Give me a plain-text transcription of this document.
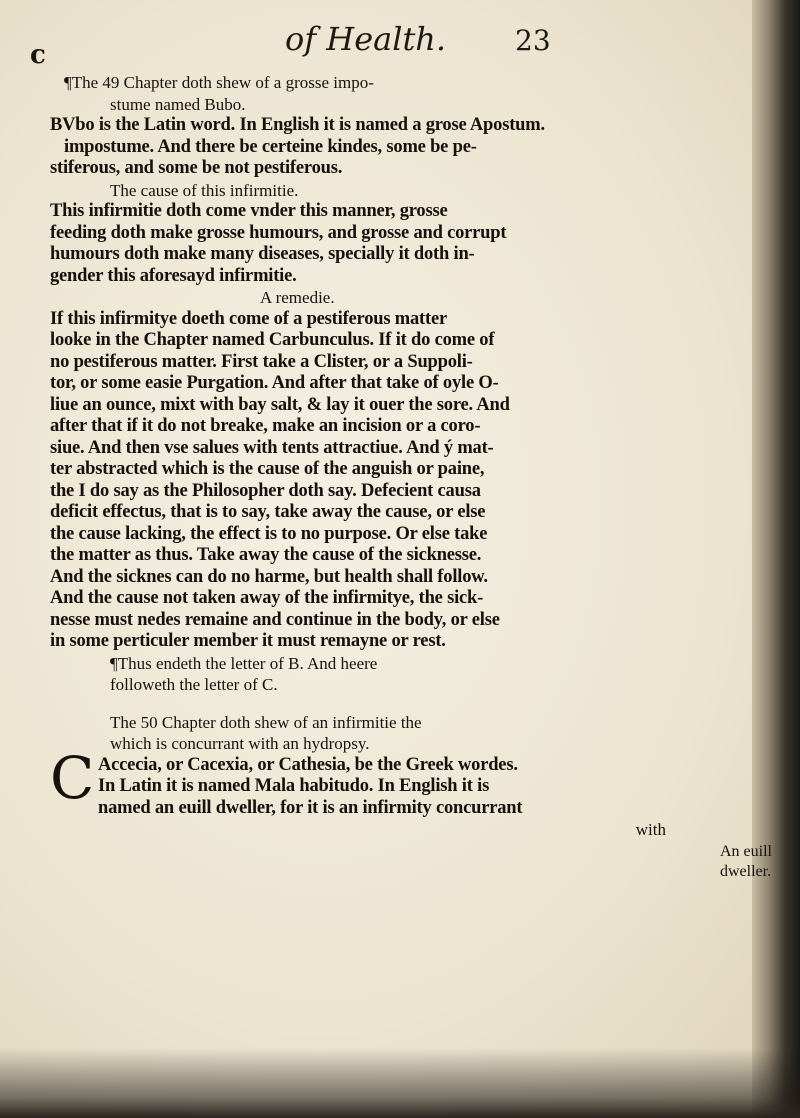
c	of Health. 23
¶The 49 Chapter doth shew of a grosse impo-
stume named Bubo.
BVbo is the Latin word. In English it is named a grose Apostum.
impostume. And there be certeine kindes, some be pe-
stiferous, and some be not pestiferous.
The cause of this infirmitie.
This infirmitie doth come vnder this manner, grosse
feeding doth make grosse humours, and grosse and corrupt
humours doth make many diseases, specially it doth in-
gender this aforesayd infirmitie.
A remedie.
If this infirmitye doeth come of a pestiferous matter
looke in the Chapter named Carbunculus. If it do come of
no pestiferous matter. First take a Clister, or a Suppoli-
tor, or some easie Purgation. And after that take of oyle O-
liue an ounce, mixt with bay salt, & lay it ouer the sore. And
after that if it do not breake, make an incision or a coro-
siue. And then vse salues with tents attractiue. And ý mat-
ter abstracted which is the cause of the anguish or paine,
the I do say as the Philosopher doth say. Defecient causa
deficit effectus, that is to say, take away the cause, or else
the cause lacking, the effect is to no purpose. Or else take
the matter as thus. Take away the cause of the sicknesse.
And the sicknes can do no harme, but health shall follow.
And the cause not taken away of the infirmitye, the sick-
nesse must nedes remaine and continue in the body, or else
in some perticuler member it must remayne or rest.
¶Thus endeth the letter of B. And heere
followeth the letter of C.
The 50 Chapter doth shew of an infirmitie the
which is concurrant with an hydropsy.
C Accecia, or Cacexia, or Cathesia, be the Greek wordes.
In Latin it is named Mala habitudo. In English it is
named an euill dweller, for it is an infirmity concurrant
with
An euill dweller.
